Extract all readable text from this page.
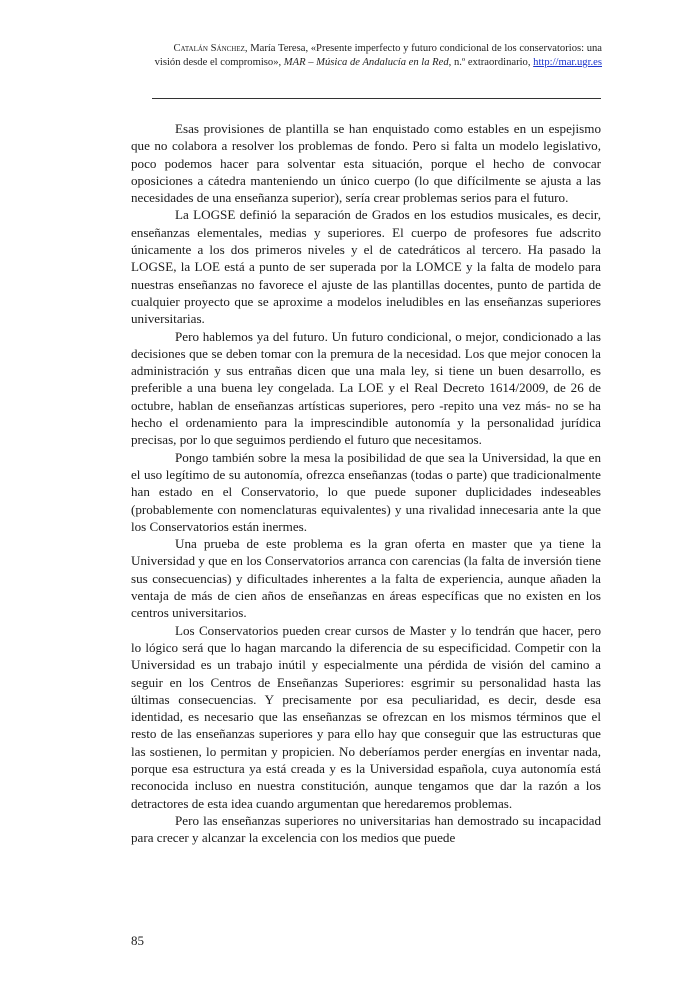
Catalán Sánchez, María Teresa, «Presente imperfecto y futuro condicional de los conservatorios: una visión desde el compromiso», MAR – Música de Andalucía en la Red, n.º extraordinario, http://mar.ugr.es

Esas provisiones de plantilla se han enquistado como estables en un espejismo que no colabora a resolver los problemas de fondo. Pero si falta un modelo legislativo, poco podemos hacer para solventar esta situación, porque el hecho de convocar oposiciones a cátedra manteniendo un único cuerpo (lo que difícilmente se ajusta a las necesidades de una enseñanza superior), sería crear problemas serios para el futuro.

La LOGSE definió la separación de Grados en los estudios musicales, es decir, enseñanzas elementales, medias y superiores. El cuerpo de profesores fue adscrito únicamente a los dos primeros niveles y el de catedráticos al tercero. Ha pasado la LOGSE, la LOE está a punto de ser superada por la LOMCE y la falta de modelo para nuestras enseñanzas no favorece el ajuste de las plantillas docentes, punto de partida de cualquier proyecto que se aproxime a modelos ineludibles en las enseñanzas superiores universitarias.

Pero hablemos ya del futuro. Un futuro condicional, o mejor, condicionado a las decisiones que se deben tomar con la premura de la necesidad. Los que mejor conocen la administración y sus entrañas dicen que una mala ley, si tiene un buen desarrollo, es preferible a una buena ley congelada. La LOE y el Real Decreto 1614/2009, de 26 de octubre, hablan de enseñanzas artísticas superiores, pero -repito una vez más- no se ha hecho el ordenamiento para la imprescindible autonomía y la personalidad jurídica precisas, por lo que seguimos perdiendo el futuro que necesitamos.

Pongo también sobre la mesa la posibilidad de que sea la Universidad, la que en el uso legítimo de su autonomía, ofrezca enseñanzas (todas o parte) que tradicionalmente han estado en el Conservatorio, lo que puede suponer duplicidades indeseables (probablemente con nomenclaturas equivalentes) y una rivalidad innecesaria ante la que los Conservatorios están inermes.

Una prueba de este problema es la gran oferta en master que ya tiene la Universidad y que en los Conservatorios arranca con carencias (la falta de inversión tiene sus consecuencias) y dificultades inherentes a la falta de experiencia, aunque añaden la ventaja de más de cien años de enseñanzas en áreas específicas que no existen en los centros universitarios.

Los Conservatorios pueden crear cursos de Master y lo tendrán que hacer, pero lo lógico será que lo hagan marcando la diferencia de su especificidad. Competir con la Universidad es un trabajo inútil y especialmente una pérdida de visión del camino a seguir en los Centros de Enseñanzas Superiores: esgrimir su personalidad hasta las últimas consecuencias. Y precisamente por esa peculiaridad, es decir, desde esa identidad, es necesario que las enseñanzas se ofrezcan en los mismos términos que el resto de las enseñanzas superiores y para ello hay que conseguir que las estructuras que las sostienen, lo permitan y propicien. No deberíamos perder energías en inventar nada, porque esa estructura ya está creada y es la Universidad española, cuya autonomía está reconocida incluso en nuestra constitución, aunque tengamos que dar la razón a los detractores de esta idea cuando argumentan que heredaremos problemas.

Pero las enseñanzas superiores no universitarias han demostrado su incapacidad para crecer y alcanzar la excelencia con los medios que puede

85
